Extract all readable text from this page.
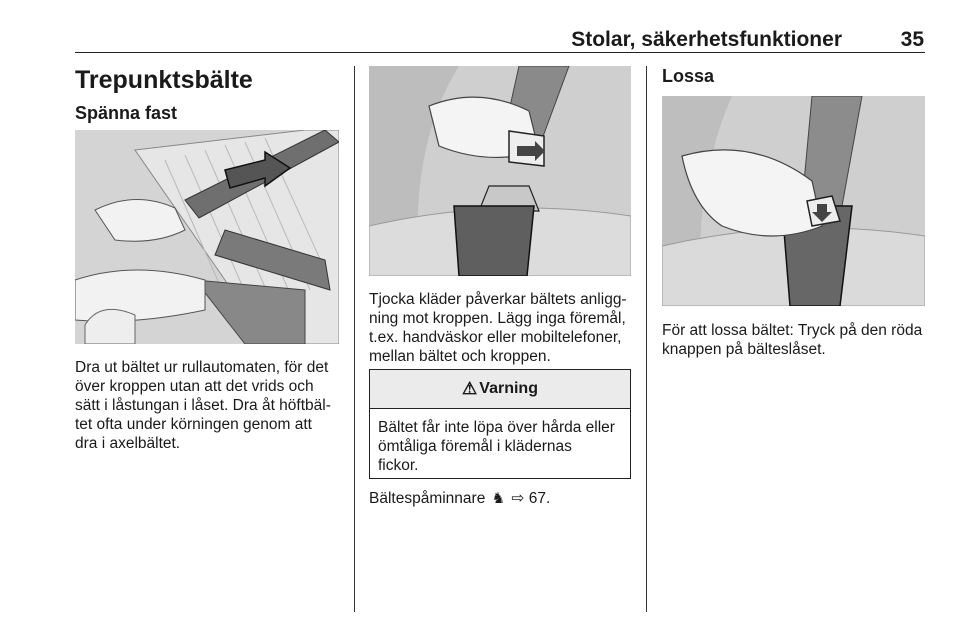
Stolar, säkerhetsfunktioner	35
Trepunktsbälte
Spänna fast
Dra ut bältet ur rullautomaten, för det
över kroppen utan att det vrids och
sätt i låstungan i låset. Dra åt höftbäl-
tet ofta under körningen genom att
dra i axelbältet.
Tjocka kläder påverkar bältets anligg-
ning mot kroppen. Lägg inga föremål,
t.ex. handväskor eller mobiltelefoner,
mellan bältet och kroppen.
⚠ Varning
Bältet får inte löpa över hårda eller
ömtåliga föremål i klädernas
fickor.
Bältespåminnare ♞ ⇨ 67.
Lossa
För att lossa bältet: Tryck på den röda
knappen på bälteslåset.
